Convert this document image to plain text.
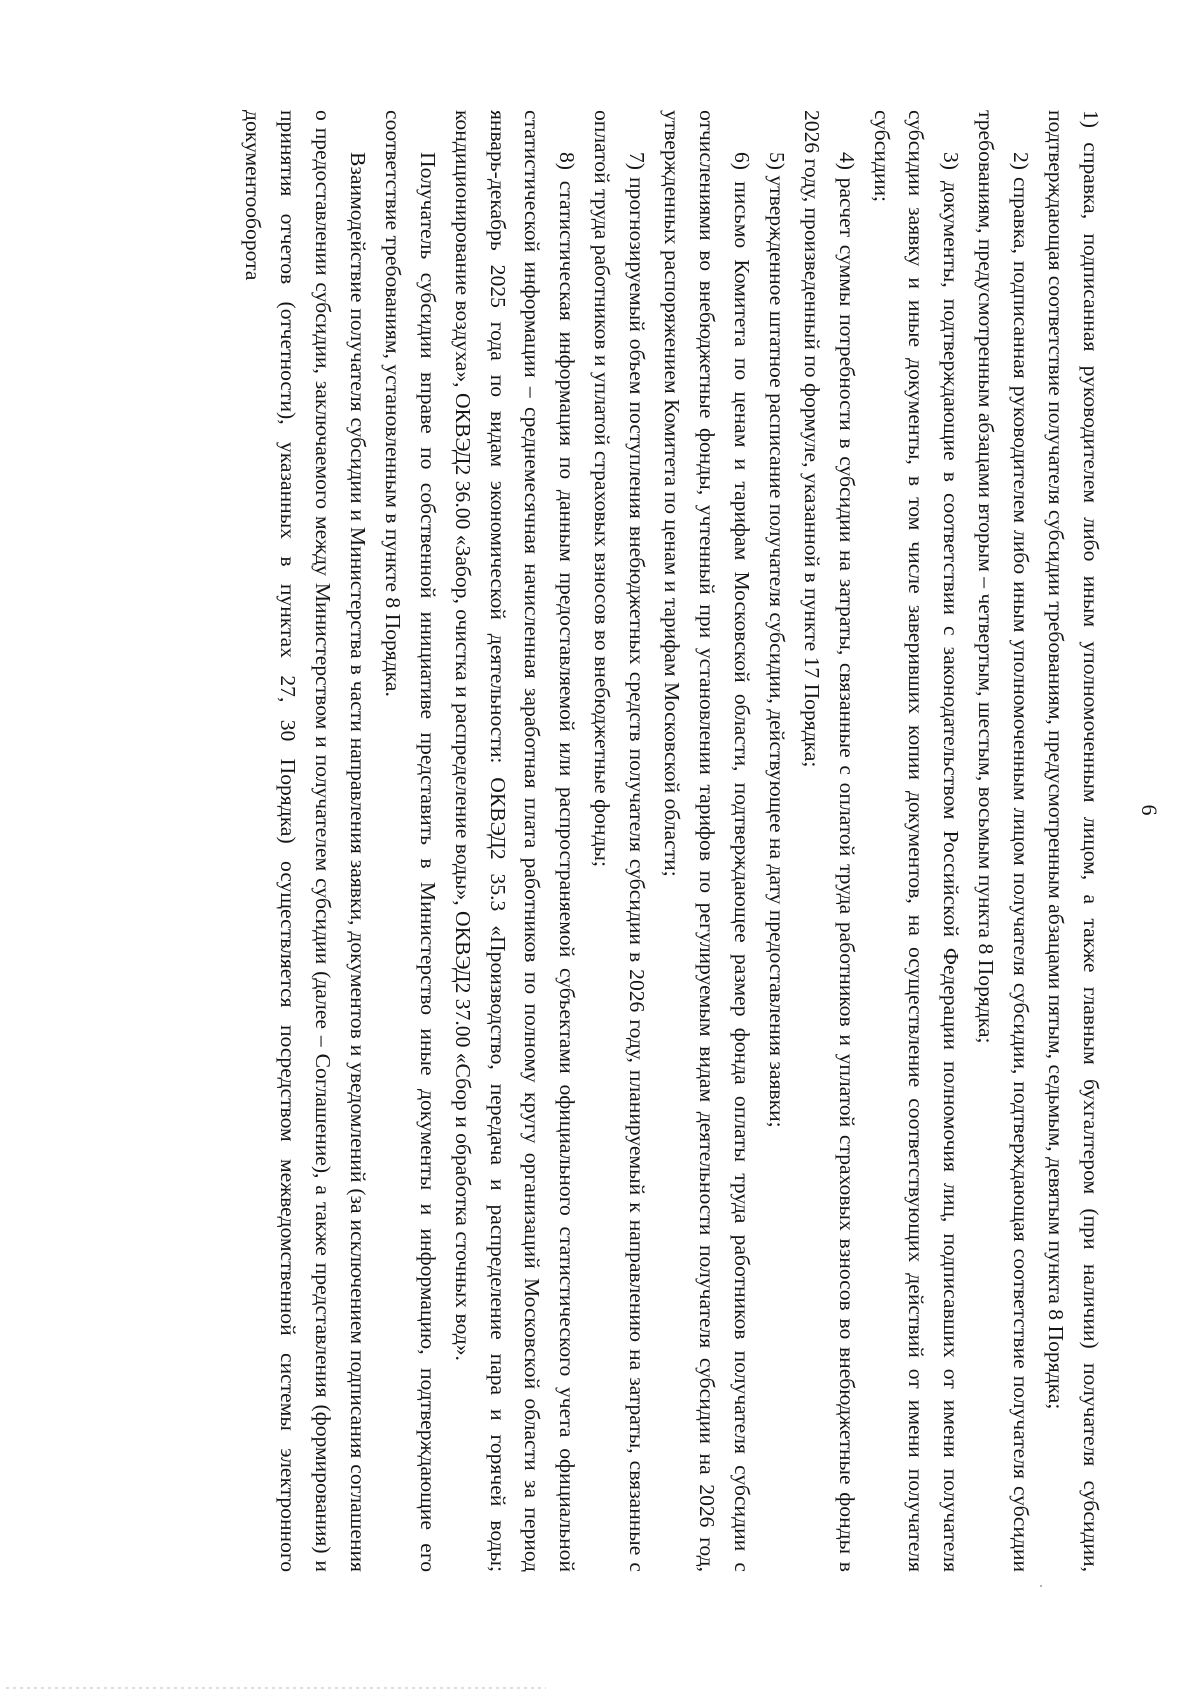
6

1) справка, подписанная руководителем либо иным уполномоченным лицом, а также главным бухгалтером (при наличии) получателя субсидии, подтверждающая соответствие получателя субсидии требованиям, предусмотренным абзацами пятым, седьмым, девятым пункта 8 Порядка;

2) справка, подписанная руководителем либо иным уполномоченным лицом получателя субсидии, подтверждающая соответствие получателя субсидии требованиям, предусмотренным абзацами вторым – четвертым, шестым, восьмым пункта 8 Порядка;

3) документы, подтверждающие в соответствии с законодательством Российской Федерации полномочия лиц, подписавших от имени получателя субсидии заявку и иные документы, в том числе заверивших копии документов, на осуществление соответствующих действий от имени получателя субсидии;

4) расчет суммы потребности в субсидии на затраты, связанные с оплатой труда работников и уплатой страховых взносов во внебюджетные фонды в 2026 году, произведенный по формуле, указанной в пункте 17 Порядка;

5) утвержденное штатное расписание получателя субсидии, действующее на дату предоставления заявки;

6) письмо Комитета по ценам и тарифам Московской области, подтверждающее размер фонда оплаты труда работников получателя субсидии с отчислениями во внебюджетные фонды, учтенный при установлении тарифов по регулируемым видам деятельности получателя субсидии на 2026 год, утвержденных распоряжением Комитета по ценам и тарифам Московской области;

7) прогнозируемый объем поступления внебюджетных средств получателя субсидии в 2026 году, планируемый к направлению на затраты, связанные с оплатой труда работников и уплатой страховых взносов во внебюджетные фонды;

8) статистическая информация по данным предоставляемой или распространяемой субъектами официального статистического учета официальной статистической информации – среднемесячная начисленная заработная плата работников по полному кругу организаций Московской области за период январь-декабрь 2025 года по видам экономической деятельности: ОКВЭД2 35.3 «Производство, передача и распределение пара и горячей воды; кондиционирование воздуха», ОКВЭД2 36.00 «Забор, очистка и распределение воды», ОКВЭД2 37.00 «Сбор и обработка сточных вод».

Получатель субсидии вправе по собственной инициативе представить в Министерство иные документы и информацию, подтверждающие его соответствие требованиям, установленным в пункте 8 Порядка.

Взаимодействие получателя субсидии и Министерства в части направления заявки, документов и уведомлений (за исключением подписания соглашения о предоставлении субсидии, заключаемого между Министерством и получателем субсидии (далее – Соглашение), а также представления (формирования) и принятия отчетов (отчетности), указанных в пунктах 27, 30 Порядка) осуществляется посредством межведомственной системы электронного документооборота
